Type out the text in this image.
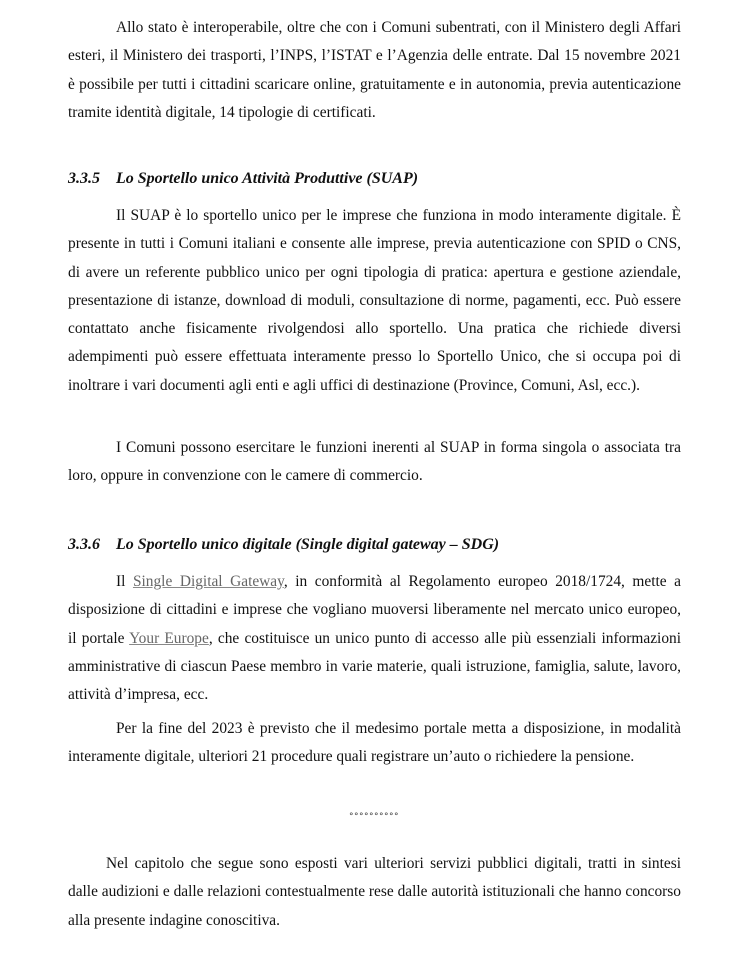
Allo stato è interoperabile, oltre che con i Comuni subentrati, con il Ministero degli Affari esteri, il Ministero dei trasporti, l’INPS, l’ISTAT e l’Agenzia delle entrate. Dal 15 novembre 2021 è possibile per tutti i cittadini scaricare online, gratuitamente e in autonomia, previa autenticazione tramite identità digitale, 14 tipologie di certificati.

3.3.5 Lo Sportello unico Attività Produttive (SUAP)

Il SUAP è lo sportello unico per le imprese che funziona in modo interamente digitale. È presente in tutti i Comuni italiani e consente alle imprese, previa autenticazione con SPID o CNS, di avere un referente pubblico unico per ogni tipologia di pratica: apertura e gestione aziendale, presentazione di istanze, download di moduli, consultazione di norme, pagamenti, ecc. Può essere contattato anche fisicamente rivolgendosi allo sportello. Una pratica che richiede diversi adempimenti può essere effettuata interamente presso lo Sportello Unico, che si occupa poi di inoltrare i vari documenti agli enti e agli uffici di destinazione (Province, Comuni, Asl, ecc.).

I Comuni possono esercitare le funzioni inerenti al SUAP in forma singola o associata tra loro, oppure in convenzione con le camere di commercio.

3.3.6 Lo Sportello unico digitale (Single digital gateway – SDG)

Il Single Digital Gateway, in conformità al Regolamento europeo 2018/1724, mette a disposizione di cittadini e imprese che vogliano muoversi liberamente nel mercato unico europeo, il portale Your Europe, che costituisce un unico punto di accesso alle più essenziali informazioni amministrative di ciascun Paese membro in varie materie, quali istruzione, famiglia, salute, lavoro, attività d’impresa, ecc.

Per la fine del 2023 è previsto che il medesimo portale metta a disposizione, in modalità interamente digitale, ulteriori 21 procedure quali registrare un’auto o richiedere la pensione.

°°°°°°°°°°

Nel capitolo che segue sono esposti vari ulteriori servizi pubblici digitali, tratti in sintesi dalle audizioni e dalle relazioni contestualmente rese dalle autorità istituzionali che hanno concorso alla presente indagine conoscitiva.
